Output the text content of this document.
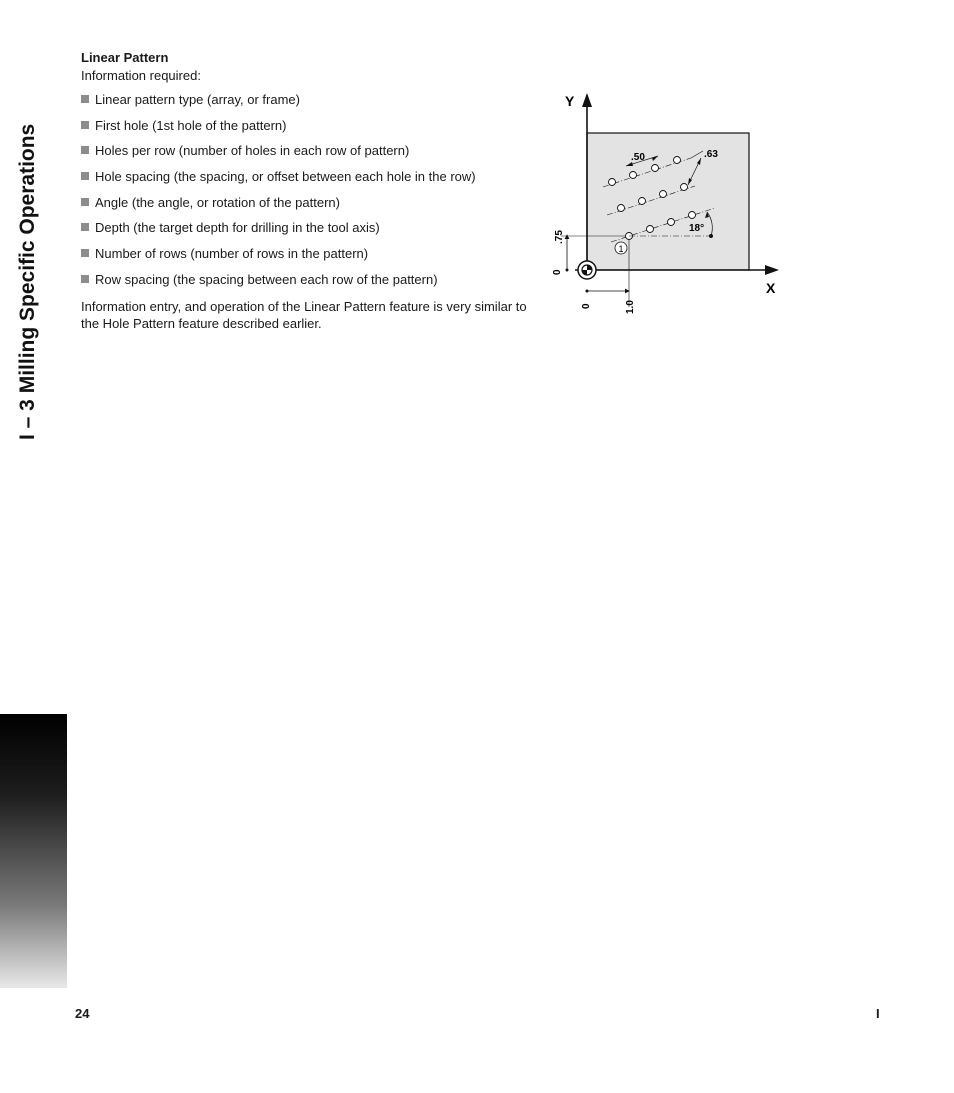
I – 3 Milling Specific Operations

Linear Pattern

Information required:

Linear pattern type (array, or frame)
First hole (1st hole of the pattern)
Holes per row (number of holes in each row of pattern)
Hole spacing (the spacing, or offset between each hole in the row)
Angle (the angle, or rotation of the pattern)
Depth (the target depth for drilling in the tool axis)
Number of rows (number of rows in the pattern)
Row spacing (the spacing between each row of the pattern)

Information entry, and operation of the Linear Pattern feature is very similar to the Hole Pattern feature described earlier.

Y
X
.75
0
0	1.0
.50	.63
18°
1
24	I
